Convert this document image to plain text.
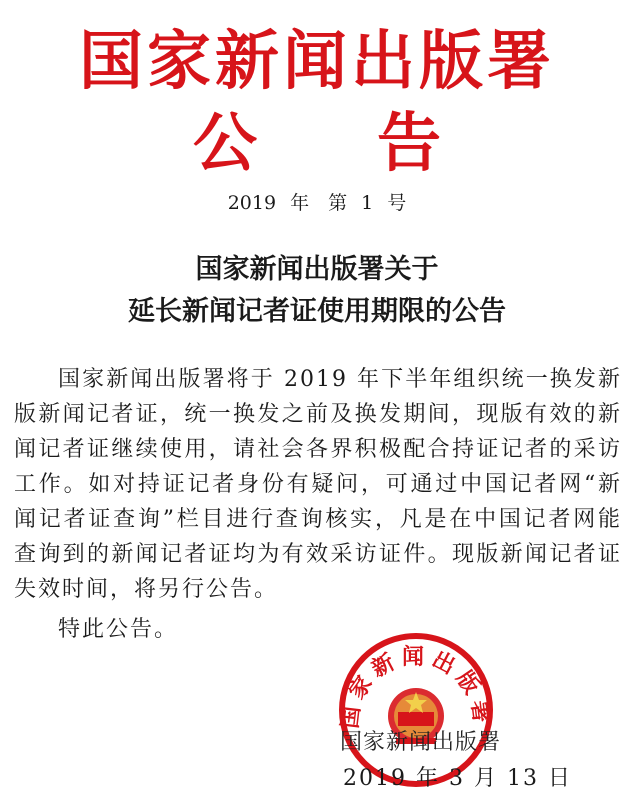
国家新闻出版署
公告
2019 年　第 1 号
国家新闻出版署关于
延长新闻记者证使用期限的公告

国家新闻出版署将于 2019 年下半年组织统一换发新版新闻记者证，统一换发之前及换发期间，现版有效的新闻记者证继续使用，请社会各界积极配合持证记者的采访工作。如对持证记者身份有疑问，可通过中国记者网“新闻记者证查询”栏目进行查询核实，凡是在中国记者网能查询到的新闻记者证均为有效采访证件。现版新闻记者证失效时间，将另行公告。

特此公告。
国家新闻出版署
国家新闻出版署
2019 年 3 月 13 日
